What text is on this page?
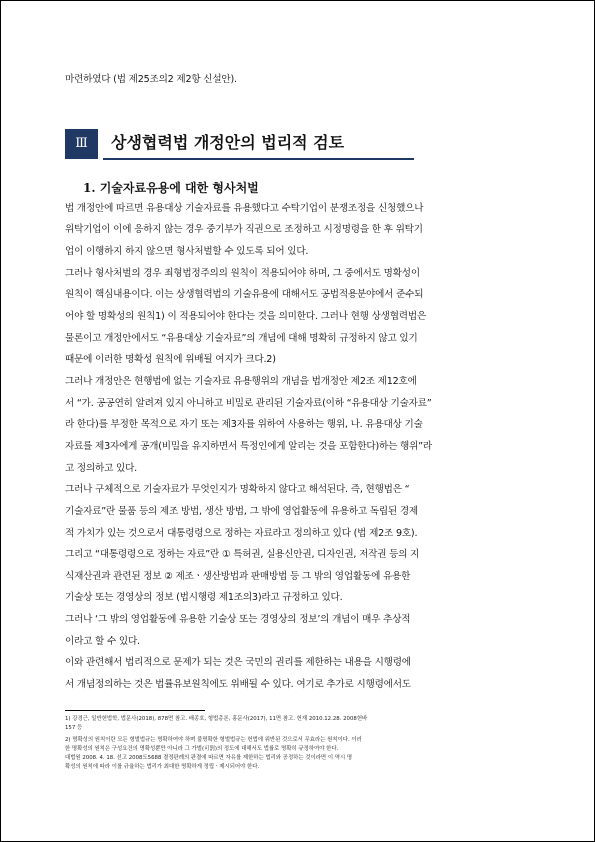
마련하였다 (법 제25조의2 제2항 신설안).
Ⅲ	상생협력법 개정안의 법리적 검토
1. 기술자료유용에 대한 형사처벌
법 개정안에 따르면 유용대상 기술자료를 유용했다고 수탁기업이 분쟁조정을 신청했으나
위탁기업이 이에 응하지 않는 경우 중기부가 직권으로 조정하고 시정명령을 한 후 위탁기
업이 이행하지 하지 않으면 형사처벌할 수 있도록 되어 있다.
그러나 형사처벌의 경우 죄형법정주의의 원칙이 적용되어야 하며, 그 중에서도 명확성이
원칙이 핵심내용이다. 이는 상생협력법의 기술유용에 대해서도 공법적용분야에서 준수되
어야 할 명확성의 원칙1) 이 적용되어야 한다는 것을 의미한다. 그러나 현행 상생협력법은
물론이고 개정안에서도 “유용대상 기술자료”의 개념에 대해 명확히 규정하지 않고 있기
때문에 이러한 명확성 원칙에 위배될 여지가 크다.2)
그러나 개정안은 현행법에 없는 기술자료 유용행위의 개념을 법개정안 제2조 제12호에
서 “가. 공공연히 알려져 있지 아니하고 비밀로 관리된 기술자료(이하 “유용대상 기술자료”
라 한다)를 부정한 목적으로 자기 또는 제3자를 위하여 사용하는 행위, 나. 유용대상 기술
자료를 제3자에게 공개(비밀을 유지하면서 특정인에게 알리는 것을 포함한다)하는 행위”라
고 정의하고 있다.
그러나 구체적으로 기술자료가 무엇인지가 명확하지 않다고 해석된다. 즉, 현행법은 “
기술자료”란 물품 등의 제조 방법, 생산 방법, 그 밖에 영업활동에 유용하고 독립된 경제
적 가치가 있는 것으로서 대통령령으로 정하는 자료라고 정의하고 있다 (법 제2조 9호).
그리고 “대통령령으로 정하는 자료”란 ① 특허권, 실용신안권, 디자인권, 저작권 등의 지
식재산권과 관련된 정보 ② 제조ㆍ생산방법과 판매방법 등 그 밖의 영업활동에 유용한
기술상 또는 경영상의 정보 (법시행령 제1조의3)라고 규정하고 있다.
그러나 ‘그 밖의 영업활동에 유용한 기술상 또는 경영상의 정보’의 개념이 매우 추상적
이라고 할 수 있다.
이와 관련해서 법리적으로 문제가 되는 것은 국민의 권리를 제한하는 내용을 시행령에
서 개념정의하는 것은 법률유보원칙에도 위배될 수 있다. 여기로 추가로 시행령에서도
1) 강경근, 일반헌법학, 법문사(2018), 878면 참고. 배종호, 형법총론, 홍문사(2017), 11면 참고. 헌재 2010.12.28. 2008헌바
157 등
2) 명확성의 원칙이란 모든 형벌법규는 명확하여야 하며 불명확한 형벌법규는 헌법에 위반된 것으로서 무효라는 원칙이다. 이러
한 명확성의 원칙은 구성요건의 명확성뿐만 아니라 그 가벌(可罰)의 정도에 대해서도 법률로 명확히 규정하여야 한다.
대법원 2008. 4. 18. 선고 2008도5688 결정판례의 판결에 따르면 자유를 제한하는 법리와 공정하는 것이라면 이 역시 명
확성의 원칙에 따라 이를 규율하는 법리가 최대한 명확하게 정립ㆍ제시되어야 한다.
